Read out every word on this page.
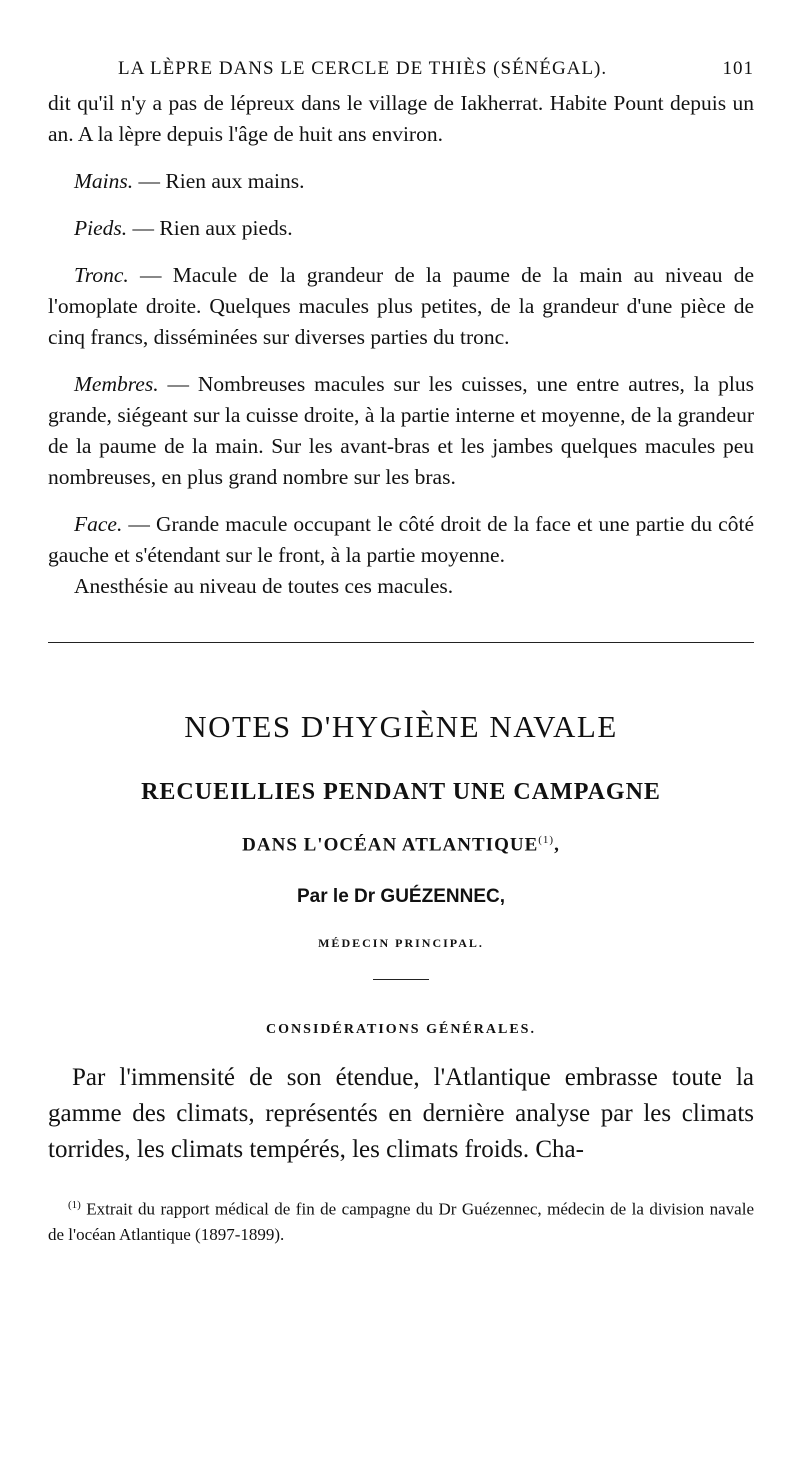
LA LÈPRE DANS LE CERCLE DE THIÈS (SÉNÉGAL).	101

dit qu'il n'y a pas de lépreux dans le village de Iakherrat. Habite Pount depuis un an. A la lèpre depuis l'âge de huit ans environ.

Mains. — Rien aux mains.

Pieds. — Rien aux pieds.

Tronc. — Macule de la grandeur de la paume de la main au niveau de l'omoplate droite. Quelques macules plus petites, de la grandeur d'une pièce de cinq francs, disséminées sur diverses parties du tronc.

Membres. — Nombreuses macules sur les cuisses, une entre autres, la plus grande, siégeant sur la cuisse droite, à la partie interne et moyenne, de la grandeur de la paume de la main. Sur les avant-bras et les jambes quelques macules peu nombreuses, en plus grand nombre sur les bras.

Face. — Grande macule occupant le côté droit de la face et une partie du côté gauche et s'étendant sur le front, à la partie moyenne.

Anesthésie au niveau de toutes ces macules.

NOTES D'HYGIÈNE NAVALE
RECUEILLIES PENDANT UNE CAMPAGNE
DANS L'OCÉAN ATLANTIQUE$^{(1)}$,
Par le Dr GUÉZENNEC,
MÉDECIN PRINCIPAL.
CONSIDÉRATIONS GÉNÉRALES.

Par l'immensité de son étendue, l'Atlantique embrasse toute la gamme des climats, représentés en dernière analyse par les climats torrides, les climats tempérés, les climats froids. Cha-

$^{(1)}$ Extrait du rapport médical de fin de campagne du Dr Guézennec, médecin de la division navale de l'océan Atlantique (1897-1899).
